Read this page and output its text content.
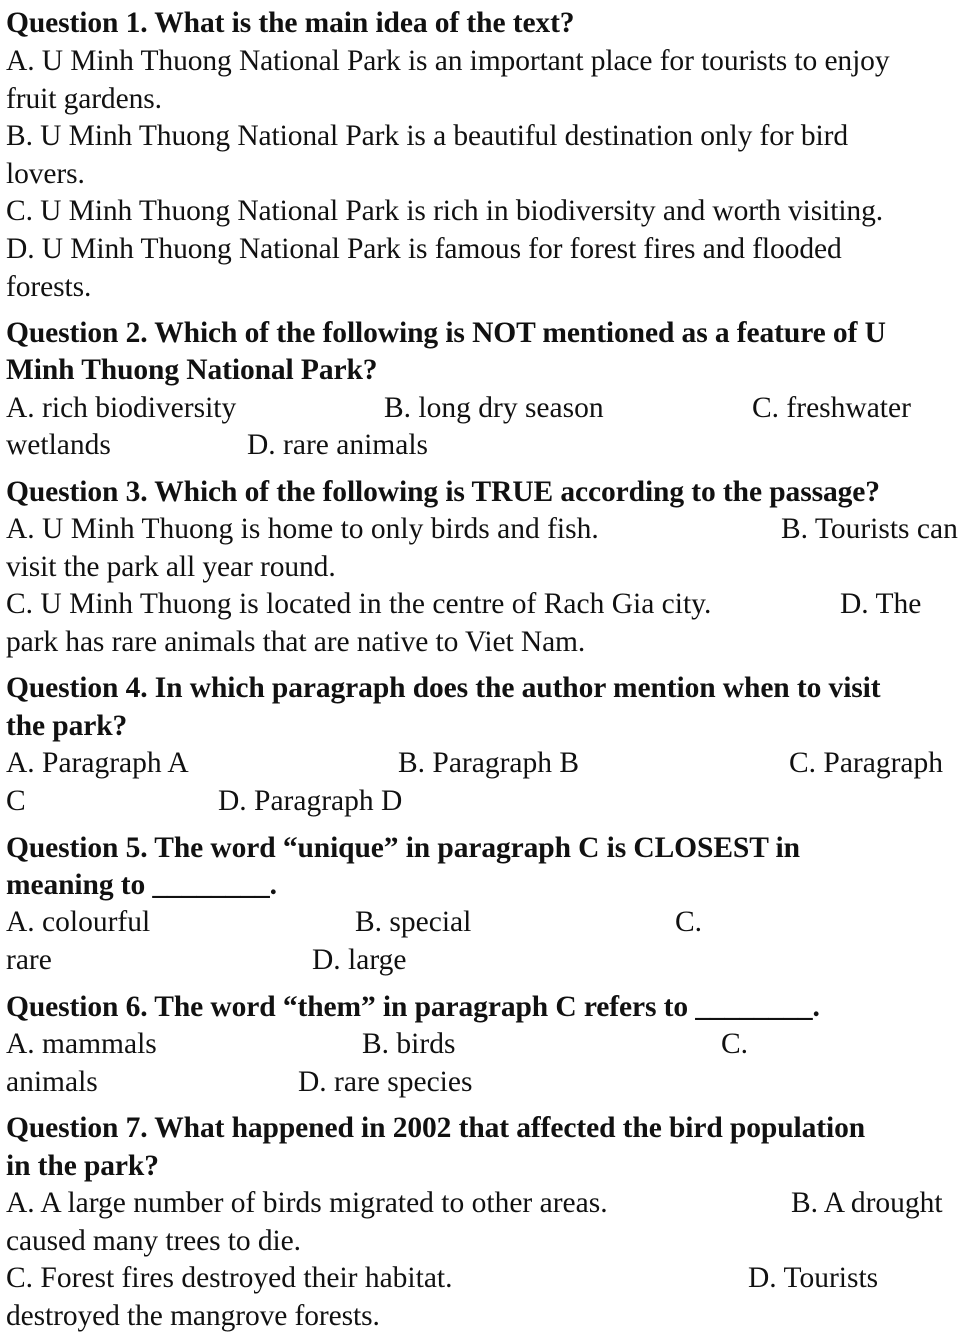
Question 1. What is the main idea of the text?
A. U Minh Thuong National Park is an important place for tourists to enjoy
fruit gardens.
B. U Minh Thuong National Park is a beautiful destination only for bird
lovers.
C. U Minh Thuong National Park is rich in biodiversity and worth visiting.
D. U Minh Thuong National Park is famous for forest fires and flooded
forests.
Question 2. Which of the following is NOT mentioned as a feature of U
Minh Thuong National Park?
A. rich biodiversity	B. long dry season	C. freshwater
wetlands	D. rare animals
Question 3. Which of the following is TRUE according to the passage?
A. U Minh Thuong is home to only birds and fish.	B. Tourists can
visit the park all year round.
C. U Minh Thuong is located in the centre of Rach Gia city.	D. The
park has rare animals that are native to Viet Nam.
Question 4. In which paragraph does the author mention when to visit
the park?
A. Paragraph A	B. Paragraph B	C. Paragraph
C	D. Paragraph D
Question 5. The word “unique” in paragraph C is CLOSEST in
meaning to ________.
A. colourful	B. special	C.
rare	D. large
Question 6. The word “them” in paragraph C refers to ________.
A. mammals	B. birds	C.
animals	D. rare species
Question 7. What happened in 2002 that affected the bird population
in the park?
A. A large number of birds migrated to other areas.	B. A drought
caused many trees to die.
C. Forest fires destroyed their habitat.	D. Tourists
destroyed the mangrove forests.
